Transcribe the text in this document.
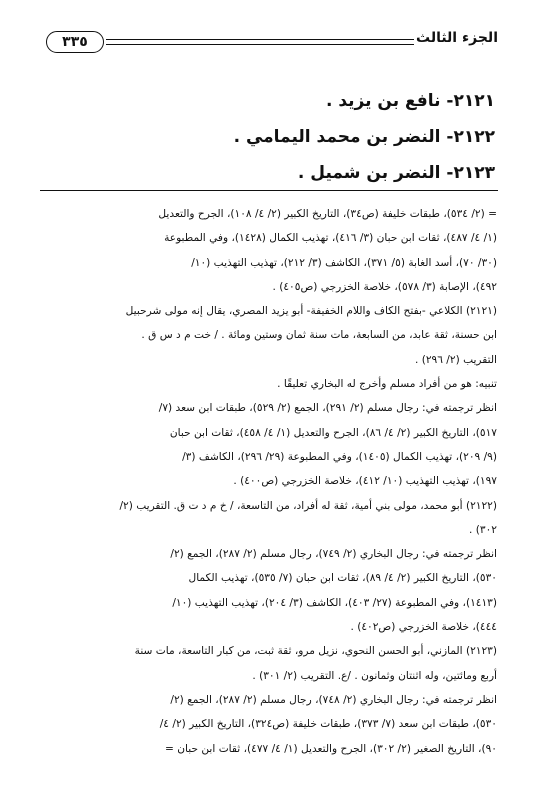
الجزء الثالث
٣٣٥
٢١٢١- نافع بن يزيد .
٢١٢٢- النضر بن محمد اليمامي .
٢١٢٣- النضر بن شميل .
= (٢/ ٥٣٤)، طبقات خليفة (ص٣٤)، التاريخ الكبير (٢/ ٤/ ١٠٨)، الجرح والتعديل
(١/ ٤/ ٤٨٧)، ثقات ابن حبان (٣/ ٤١٦)، تهذيب الكمال (١٤٢٨)، وفي المطبوعة
(٣٠/ ٧٠)، أسد الغابة (٥/ ٣٧١)، الكاشف (٣/ ٢١٢)، تهذيب التهذيب (١٠/
٤٩٢)، الإصابة (٣/ ٥٧٨)، خلاصة الخزرجي (ص٤٠٥) .
(٢١٢١) الكلاعي -بفتح الكاف واللام الخفيفة- أبو يزيد المصري، يقال إنه مولى شرحبيل
ابن حسنة، ثقة عابد، من السابعة، مات سنة ثمان وستين ومائة . / خت م د س ق .
التقريب (٢/ ٢٩٦) .
تنبيه: هو من أفراد مسلم وأخرج له البخاري تعليقًا .
انظر ترجمته في: رجال مسلم (٢/ ٢٩١)، الجمع (٢/ ٥٢٩)، طبقات ابن سعد (٧/
٥١٧)، التاريخ الكبير (٢/ ٤/ ٨٦)، الجرح والتعديل (١/ ٤/ ٤٥٨)، ثقات ابن حبان
(٩/ ٢٠٩)، تهذيب الكمال (١٤٠٥)، وفي المطبوعة (٢٩/ ٢٩٦)، الكاشف (٣/
١٩٧)، تهذيب التهذيب (١٠/ ٤١٢)، خلاصة الخزرجي (ص٤٠٠) .
(٢١٢٢) أبو محمد، مولى بني أمية، ثقة له أفراد، من التاسعة، / خ م د ت ق. التقريب (٢/
٣٠٢) .
انظر ترجمته في: رجال البخاري (٢/ ٧٤٩)، رجال مسلم (٢/ ٢٨٧)، الجمع (٢/
٥٣٠)، التاريخ الكبير (٢/ ٤/ ٨٩)، ثقات ابن حبان (٧/ ٥٣٥)، تهذيب الكمال
(١٤١٣)، وفي المطبوعة (٢٧/ ٤٠٣)، الكاشف (٣/ ٢٠٤)، تهذيب التهذيب (١٠/
٤٤٤)، خلاصة الخزرجي (ص٤٠٢) .
(٢١٢٣) المازني، أبو الحسن النحوي، نزيل مرو، ثقة ثبت، من كبار التاسعة، مات سنة
أربع ومائتين، وله اثنتان وثمانون . /ع. التقريب (٢/ ٣٠١) .
انظر ترجمته في: رجال البخاري (٢/ ٧٤٨)، رجال مسلم (٢/ ٢٨٧)، الجمع (٢/
٥٣٠)، طبقات ابن سعد (٧/ ٣٧٣)، طبقات خليفة (ص٣٢٤)، التاريخ الكبير (٢/ ٤/
٩٠)، التاريخ الصغير (٢/ ٣٠٢)، الجرح والتعديل (١/ ٤/ ٤٧٧)، ثقات ابن حبان =
